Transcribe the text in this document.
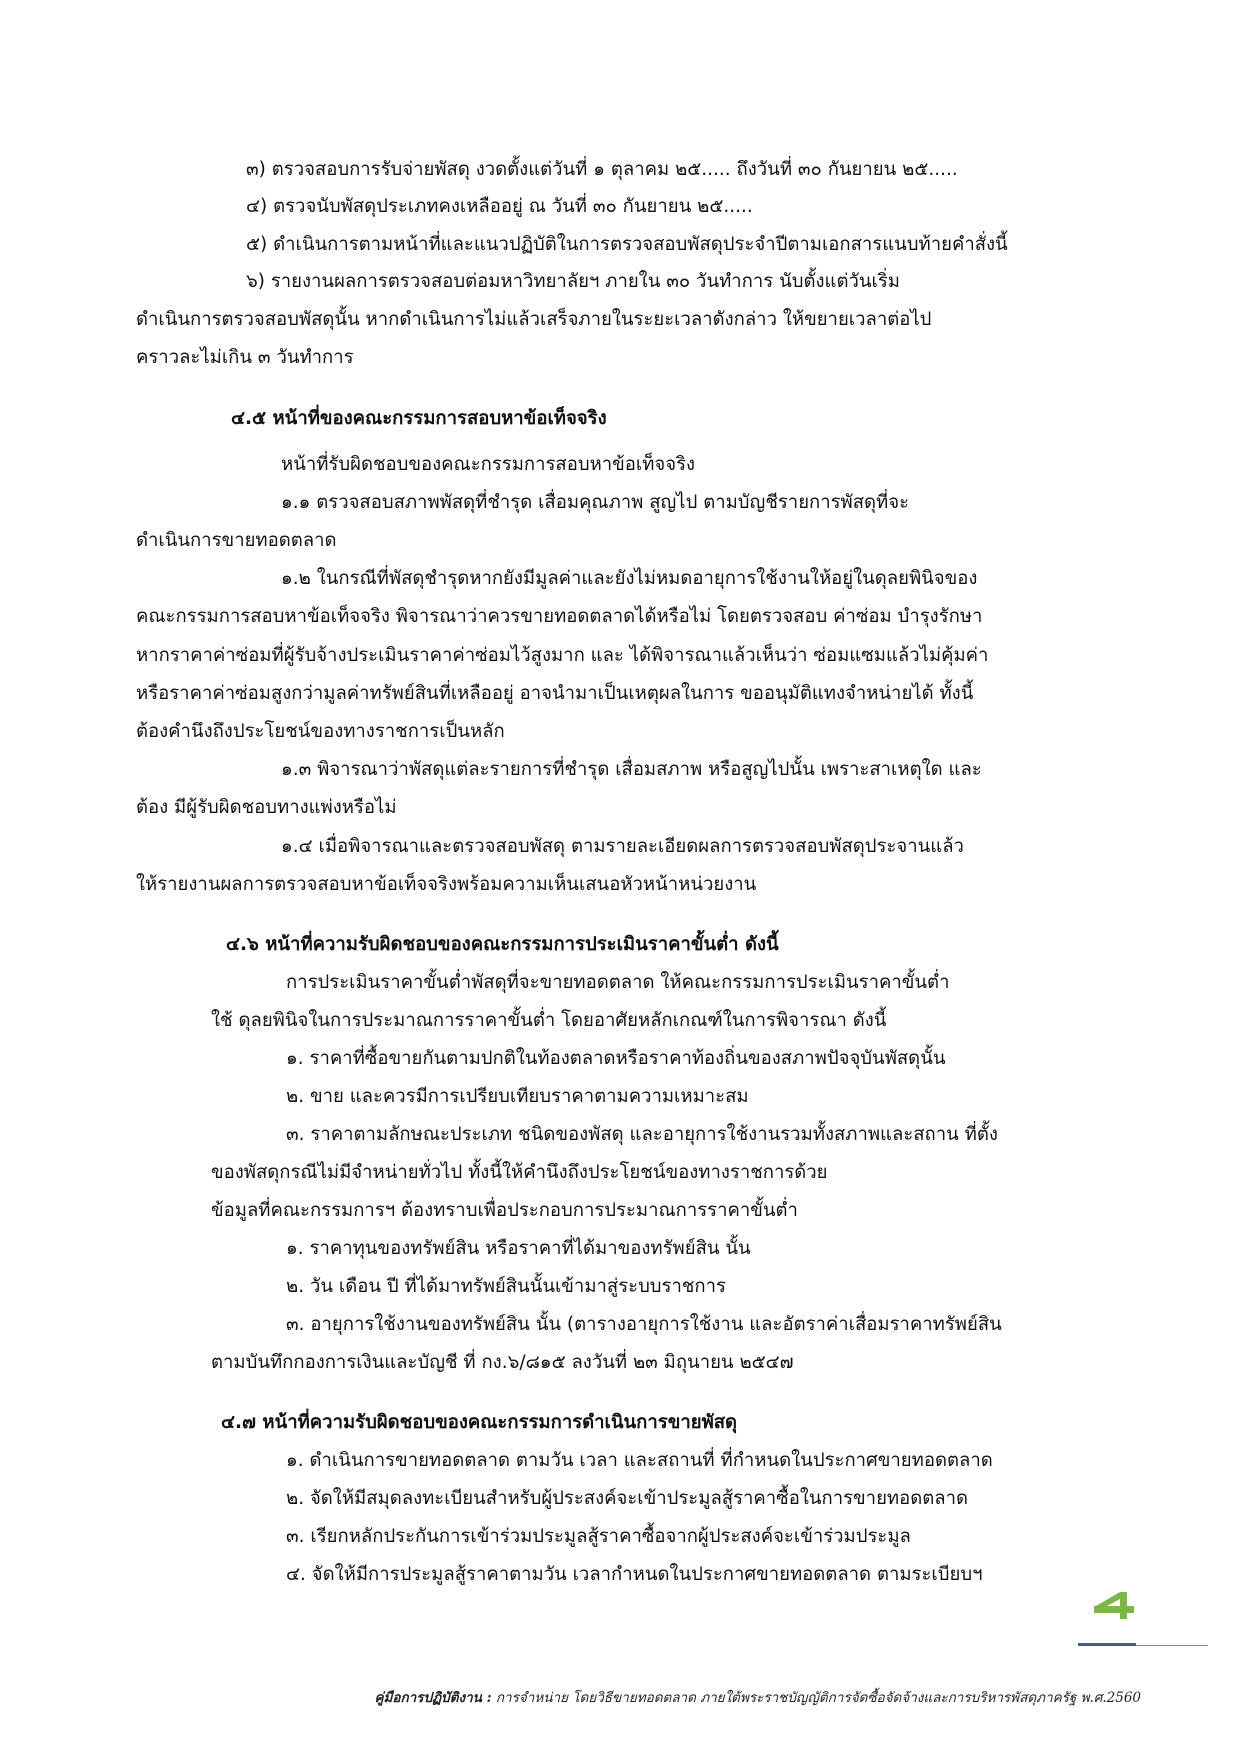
๓) ตรวจสอบการรับจ่ายพัสดุ งวดตั้งแต่วันที่ ๑ ตุลาคม ๒๕..... ถึงวันที่ ๓๐ กันยายน ๒๕.....
๔) ตรวจนับพัสดุประเภทคงเหลืออยู่ ณ วันที่ ๓๐ กันยายน ๒๕.....
๕) ดำเนินการตามหน้าที่และแนวปฏิบัติในการตรวจสอบพัสดุประจำปีตามเอกสารแนบท้ายคำสั่งนี้
๖) รายงานผลการตรวจสอบต่อมหาวิทยาลัยฯ ภายใน ๓๐ วันทำการ นับตั้งแต่วันเริ่ม
ดำเนินการตรวจสอบพัสดุนั้น หากดำเนินการไม่แล้วเสร็จภายในระยะเวลาดังกล่าว ให้ขยายเวลาต่อไป
คราวละไม่เกิน ๓ วันทำการ
๔.๕ หน้าที่ของคณะกรรมการสอบหาข้อเท็จจริง
หน้าที่รับผิดชอบของคณะกรรมการสอบหาข้อเท็จจริง
๑.๑ ตรวจสอบสภาพพัสดุที่ชำรุด เสื่อมคุณภาพ สูญไป ตามบัญชีรายการพัสดุที่จะ
ดำเนินการขายทอดตลาด
๑.๒ ในกรณีที่พัสดุชำรุดหากยังมีมูลค่าและยังไม่หมดอายุการใช้งานให้อยู่ในดุลยพินิจของ
คณะกรรมการสอบหาข้อเท็จจริง พิจารณาว่าควรขายทอดตลาดได้หรือไม่ โดยตรวจสอบ ค่าซ่อม บำรุงรักษา
หากราคาค่าซ่อมที่ผู้รับจ้างประเมินราคาค่าซ่อมไว้สูงมาก และ ได้พิจารณาแล้วเห็นว่า ซ่อมแซมแล้วไม่คุ้มค่า
หรือราคาค่าซ่อมสูงกว่ามูลค่าทรัพย์สินที่เหลืออยู่ อาจนำมาเป็นเหตุผลในการ ขออนุมัติแทงจำหน่ายได้ ทั้งนี้
ต้องคำนึงถึงประโยชน์ของทางราชการเป็นหลัก
๑.๓ พิจารณาว่าพัสดุแต่ละรายการที่ชำรุด เสื่อมสภาพ หรือสูญไปนั้น เพราะสาเหตุใด และ
ต้อง มีผู้รับผิดชอบทางแพ่งหรือไม่
๑.๔ เมื่อพิจารณาและตรวจสอบพัสดุ ตามรายละเอียดผลการตรวจสอบพัสดุประจานแล้ว
ให้รายงานผลการตรวจสอบหาข้อเท็จจริงพร้อมความเห็นเสนอหัวหน้าหน่วยงาน
๔.๖ หน้าที่ความรับผิดชอบของคณะกรรมการประเมินราคาขั้นต่ำ ดังนี้
การประเมินราคาขั้นต่ำพัสดุที่จะขายทอดตลาด ให้คณะกรรมการประเมินราคาขั้นต่ำ
ใช้ ดุลยพินิจในการประมาณการราคาขั้นต่ำ โดยอาศัยหลักเกณฑ์ในการพิจารณา ดังนี้
๑. ราคาที่ซื้อขายกันตามปกติในท้องตลาดหรือราคาท้องถิ่นของสภาพปัจจุบันพัสดุนั้น
๒. ขาย และควรมีการเปรียบเทียบราคาตามความเหมาะสม
๓. ราคาตามลักษณะประเภท ชนิดของพัสดุ และอายุการใช้งานรวมทั้งสภาพและสถาน ที่ตั้ง
ของพัสดุกรณีไม่มีจำหน่ายทั่วไป ทั้งนี้ให้คำนึงถึงประโยชน์ของทางราชการด้วย
ข้อมูลที่คณะกรรมการฯ ต้องทราบเพื่อประกอบการประมาณการราคาขั้นต่ำ
๑. ราคาทุนของทรัพย์สิน หรือราคาที่ได้มาของทรัพย์สิน นั้น
๒. วัน เดือน ปี ที่ได้มาทรัพย์สินนั้นเข้ามาสู่ระบบราชการ
๓. อายุการใช้งานของทรัพย์สิน นั้น (ตารางอายุการใช้งาน และอัตราค่าเสื่อมราคาทรัพย์สิน
ตามบันทึกกองการเงินและบัญชี ที่ กง.๖/๘๑๕ ลงวันที่ ๒๓ มิถุนายน ๒๕๔๗
๔.๗ หน้าที่ความรับผิดชอบของคณะกรรมการดำเนินการขายพัสดุ
๑. ดำเนินการขายทอดตลาด ตามวัน เวลา และสถานที่ ที่กำหนดในประกาศขายทอดตลาด
๒. จัดให้มีสมุดลงทะเบียนสำหรับผู้ประสงค์จะเข้าประมูลสู้ราคาซื้อในการขายทอดตลาด
๓. เรียกหลักประกันการเข้าร่วมประมูลสู้ราคาซื้อจากผู้ประสงค์จะเข้าร่วมประมูล
๔. จัดให้มีการประมูลสู้ราคาตามวัน เวลากำหนดในประกาศขายทอดตลาด ตามระเบียบฯ
คู่มือการปฏิบัติงาน : การจำหน่าย โดยวิธีขายทอดตลาด ภายใต้พระราชบัญญัติการจัดซื้อจัดจ้างและการบริหารพัสดุภาครัฐ พ.ศ.2560
